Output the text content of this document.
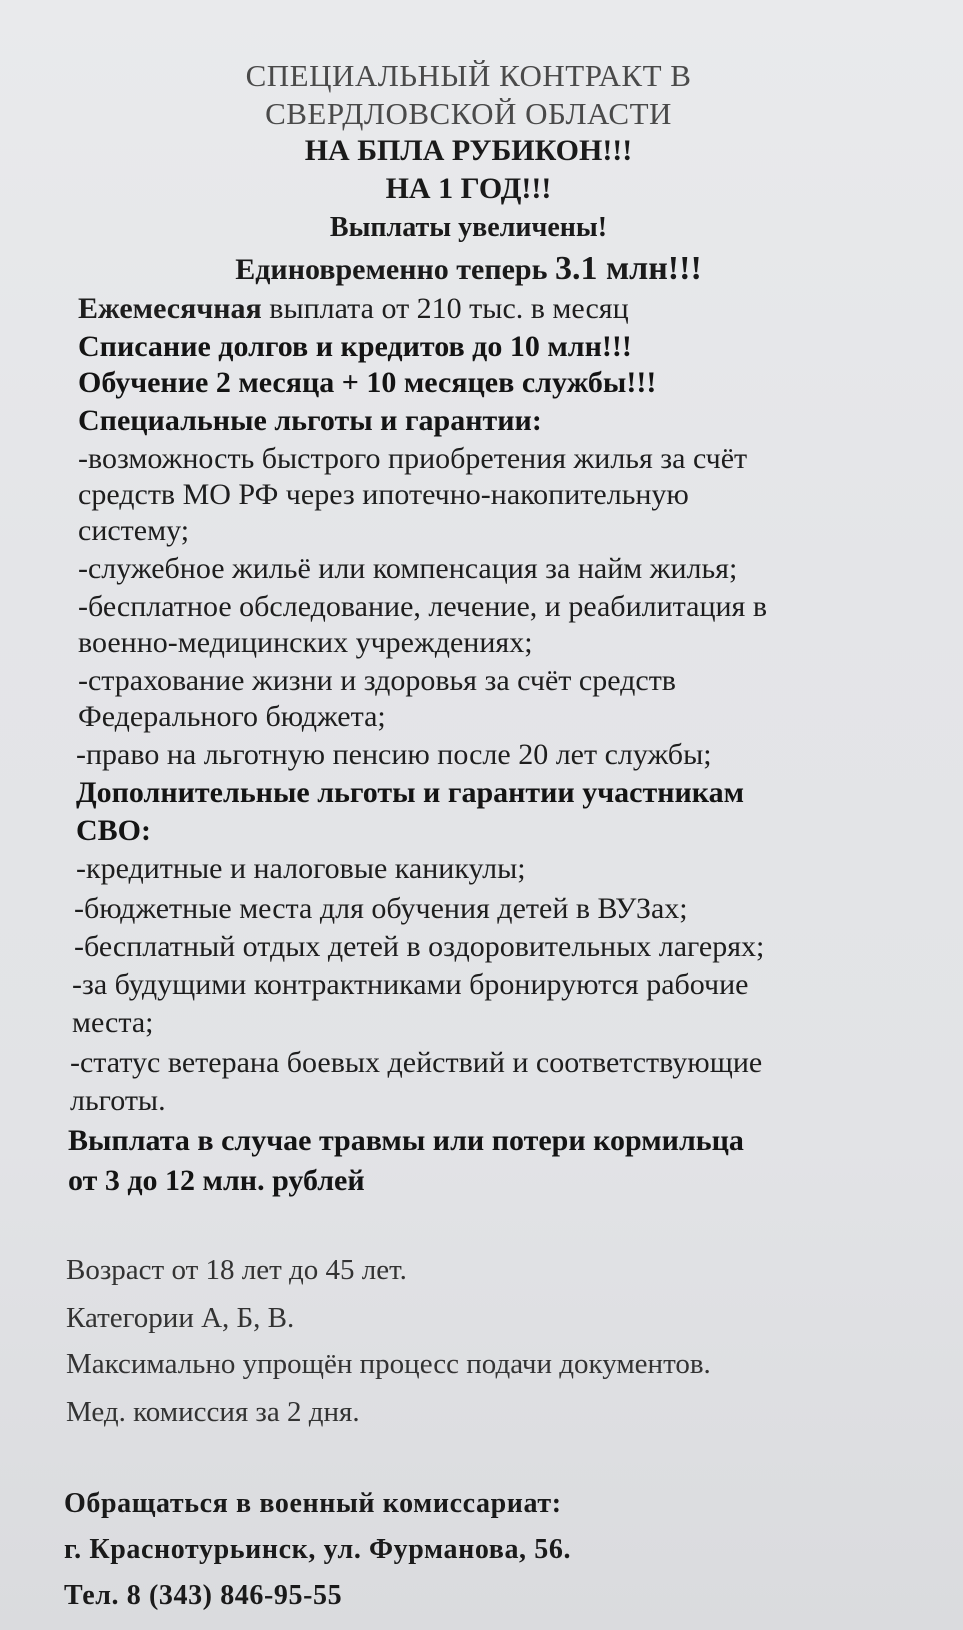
СПЕЦИАЛЬНЫЙ КОНТРАКТ В

СВЕРДЛОВСКОЙ ОБЛАСТИ

НА БПЛА РУБИКОН!!!

НА 1 ГОД!!!

Выплаты увеличены!

Единовременно теперь 3.1 млн!!!

Ежемесячная выплата от 210 тыс. в месяц

Списание долгов и кредитов до 10 млн!!!

Обучение 2 месяца + 10 месяцев службы!!!

Специальные льготы и гарантии:

-возможность быстрого приобретения жилья за счёт

средств МО РФ через ипотечно-накопительную

систему;

-служебное жильё или компенсация за найм жилья;

-бесплатное обследование, лечение, и реабилитация в

военно-медицинских учреждениях;

-страхование жизни и здоровья за счёт средств

Федерального бюджета;

-право на льготную пенсию после 20 лет службы;

Дополнительные льготы и гарантии участникам

СВО:

-кредитные и налоговые каникулы;

-бюджетные места для обучения детей в ВУЗах;

-бесплатный отдых детей в оздоровительных лагерях;

-за будущими контрактниками бронируются рабочие

места;

-статус ветерана боевых действий и соответствующие

льготы.

Выплата в случае травмы или потери кормильца

от 3 до 12 млн. рублей

Возраст от 18 лет до 45 лет.

Категории А, Б, В.

Максимально упрощён процесс подачи документов.

Мед. комиссия за 2 дня.

Обращаться в военный комиссариат:

г. Краснотурьинск, ул. Фурманова, 56.

Тел. 8 (343) 846-95-55
